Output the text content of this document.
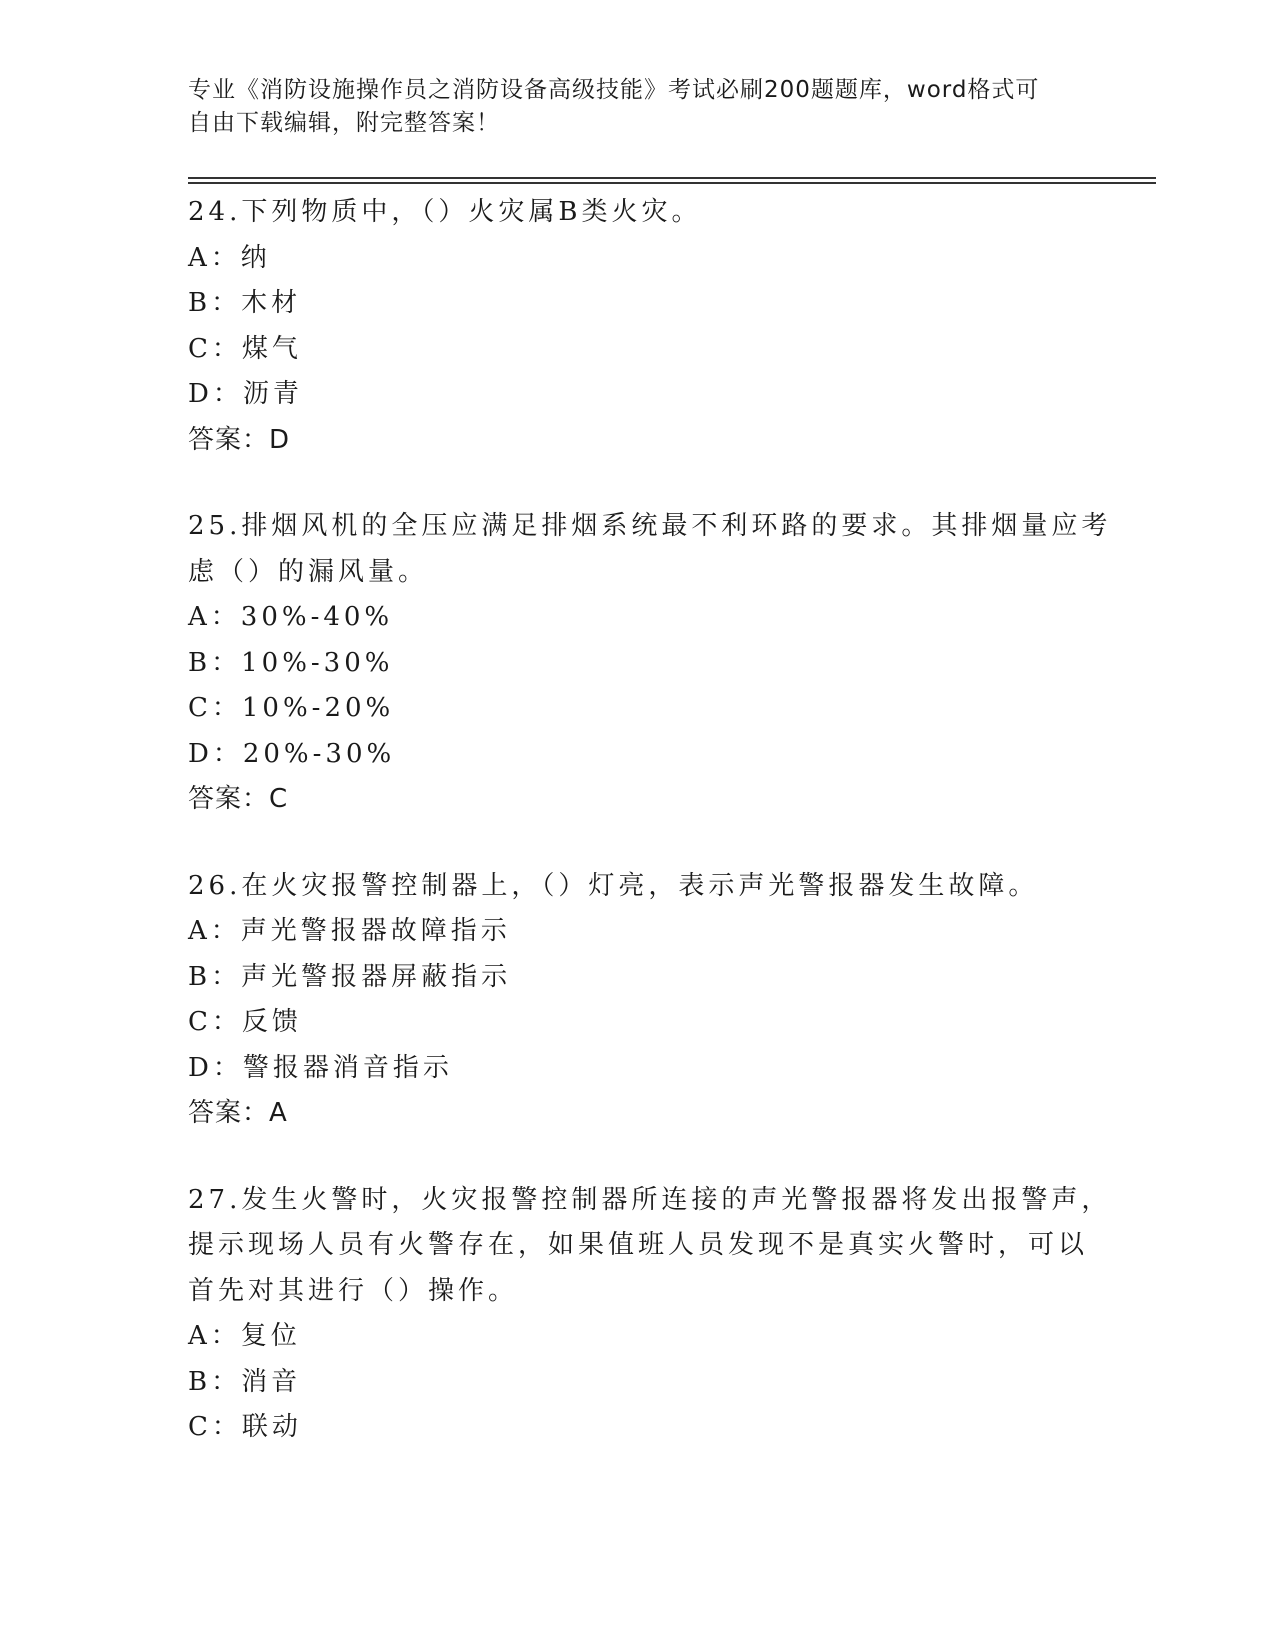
专业《消防设施操作员之消防设备高级技能》考试必刷200题题库，word格式可
自由下载编辑，附完整答案！
24.下列物质中，（）火灾属B类火灾。
A：纳
B：木材
C：煤气
D：沥青
答案：D
25.排烟风机的全压应满足排烟系统最不利环路的要求。其排烟量应考
虑（）的漏风量。
A：30%-40%
B：10%-30%
C：10%-20%
D：20%-30%
答案：C
26.在火灾报警控制器上，（）灯亮，表示声光警报器发生故障。
A：声光警报器故障指示
B：声光警报器屏蔽指示
C：反馈
D：警报器消音指示
答案：A
27.发生火警时，火灾报警控制器所连接的声光警报器将发出报警声，
提示现场人员有火警存在，如果值班人员发现不是真实火警时，可以
首先对其进行（）操作。
A：复位
B：消音
C：联动
